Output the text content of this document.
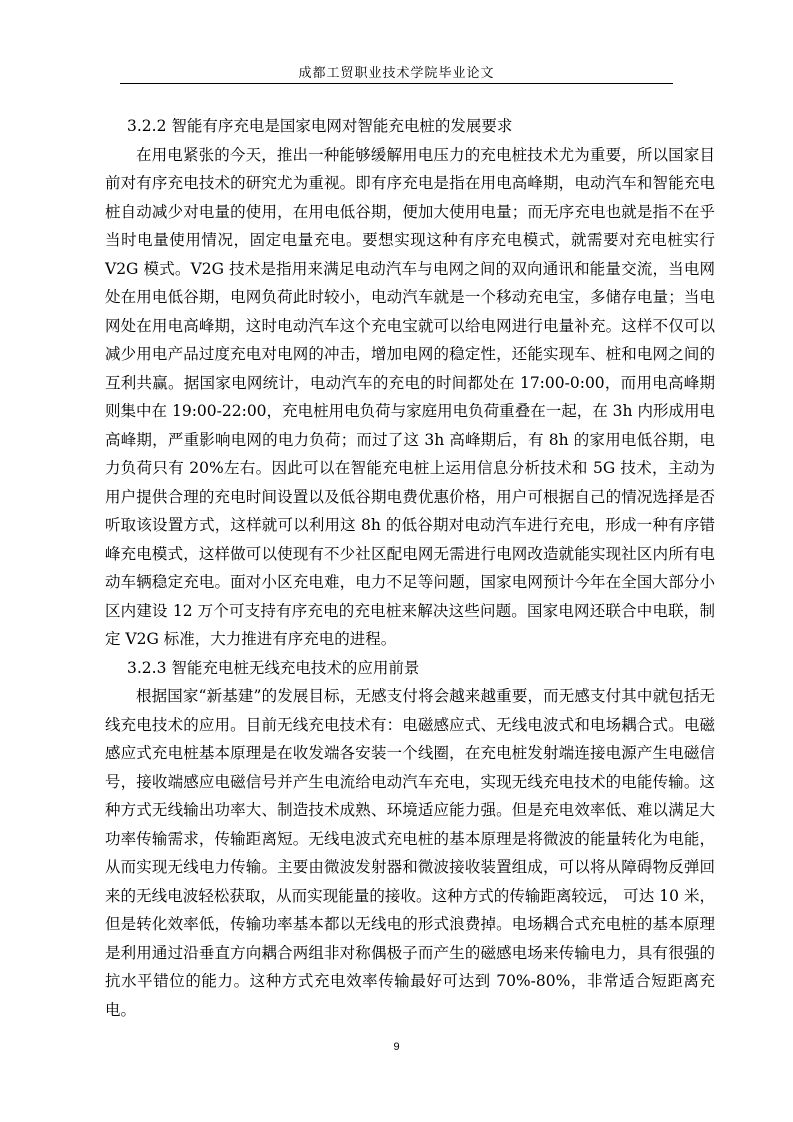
成都工贸职业技术学院毕业论文

3.2.2 智能有序充电是国家电网对智能充电桩的发展要求

在用电紧张的今天，推出一种能够缓解用电压力的充电桩技术尤为重要，所以国家目前对有序充电技术的研究尤为重视。即有序充电是指在用电高峰期，电动汽车和智能充电桩自动减少对电量的使用，在用电低谷期，便加大使用电量；而无序充电也就是指不在乎当时电量使用情况，固定电量充电。要想实现这种有序充电模式，就需要对充电桩实行 V2G 模式。V2G 技术是指用来满足电动汽车与电网之间的双向通讯和能量交流，当电网处在用电低谷期，电网负荷此时较小，电动汽车就是一个移动充电宝，多储存电量；当电网处在用电高峰期，这时电动汽车这个充电宝就可以给电网进行电量补充。这样不仅可以减少用电产品过度充电对电网的冲击，增加电网的稳定性，还能实现车、桩和电网之间的互利共赢。据国家电网统计，电动汽车的充电的时间都处在 17:00-0:00，而用电高峰期则集中在 19:00-22:00，充电桩用电负荷与家庭用电负荷重叠在一起，在 3h 内形成用电高峰期，严重影响电网的电力负荷；而过了这 3h 高峰期后，有 8h 的家用电低谷期，电力负荷只有 20%左右。因此可以在智能充电桩上运用信息分析技术和 5G 技术，主动为用户提供合理的充电时间设置以及低谷期电费优惠价格，用户可根据自己的情况选择是否听取该设置方式，这样就可以利用这 8h 的低谷期对电动汽车进行充电，形成一种有序错峰充电模式，这样做可以使现有不少社区配电网无需进行电网改造就能实现社区内所有电动车辆稳定充电。面对小区充电难，电力不足等问题，国家电网预计今年在全国大部分小区内建设 12 万个可支持有序充电的充电桩来解决这些问题。国家电网还联合中电联，制定 V2G 标准，大力推进有序充电的进程。

3.2.3 智能充电桩无线充电技术的应用前景

根据国家“新基建”的发展目标，无感支付将会越来越重要，而无感支付其中就包括无线充电技术的应用。目前无线充电技术有：电磁感应式、无线电波式和电场耦合式。电磁感应式充电桩基本原理是在收发端各安装一个线圈，在充电桩发射端连接电源产生电磁信号，接收端感应电磁信号并产生电流给电动汽车充电，实现无线充电技术的电能传输。这种方式无线输出功率大、制造技术成熟、环境适应能力强。但是充电效率低、难以满足大功率传输需求，传输距离短。无线电波式充电桩的基本原理是将微波的能量转化为电能，从而实现无线电力传输。主要由微波发射器和微波接收装置组成，可以将从障碍物反弹回来的无线电波轻松获取，从而实现能量的接收。这种方式的传输距离较远， 可达 10 米，但是转化效率低，传输功率基本都以无线电的形式浪费掉。电场耦合式充电桩的基本原理是利用通过沿垂直方向耦合两组非对称偶极子而产生的磁感电场来传输电力，具有很强的抗水平错位的能力。这种方式充电效率传输最好可达到 70%-80%，非常适合短距离充电。

9
